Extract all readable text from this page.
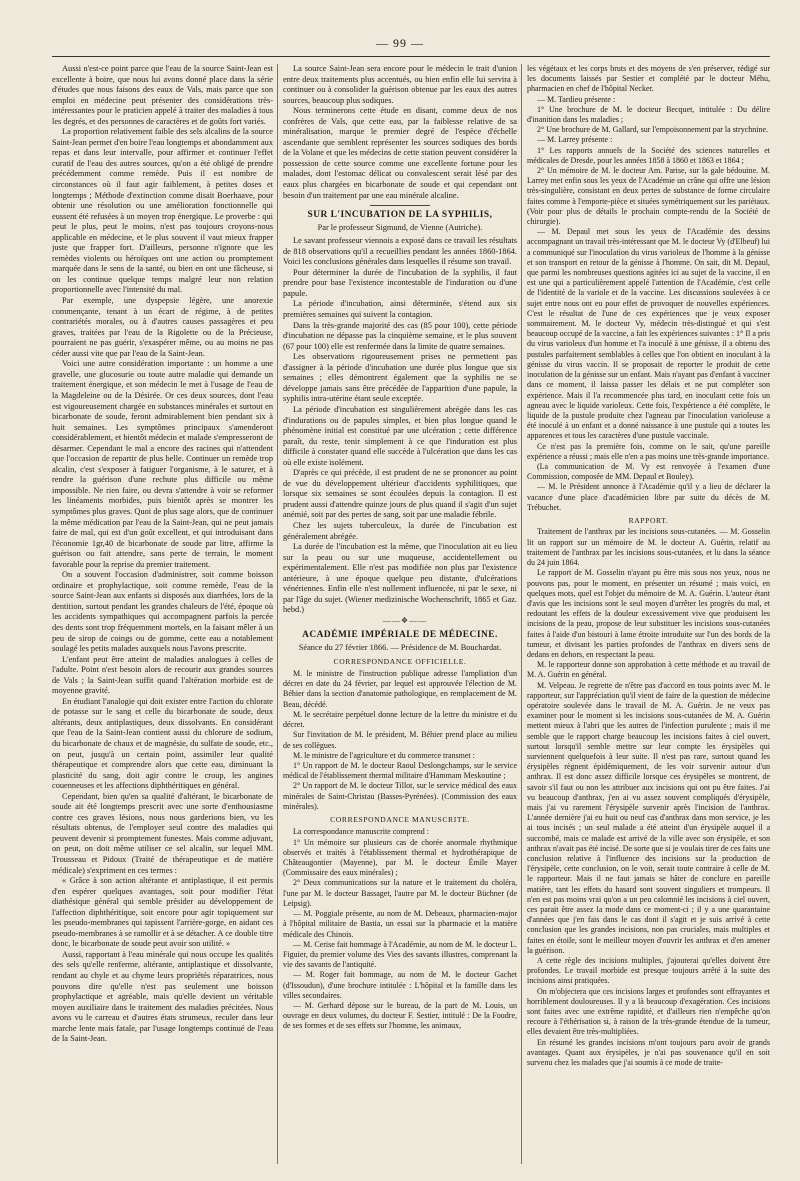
— 99 —

Aussi n'est-ce point parce que l'eau de la source Saint-Jean est excellente à boire, que nous lui avons donné place dans la série d'études que nous faisons des eaux de Vals, mais parce que son emploi en médecine peut présenter des considérations très-intéressantes pour le praticien appelé à traiter des maladies à tous les degrés, et des personnes de caractères et de goûts fort variés.

La proportion relativement faible des sels alcalins de la source Saint-Jean permet d'en boire l'eau longtemps et abondamment aux repas et dans leur intervalle, pour affirmer et continuer l'effet curatif de l'eau des autres sources, qu'on a été obligé de prendre précédemment comme remède. Puis il est nombre de circonstances où il faut agir faiblement, à petites doses et longtemps ; Méthode d'extinction comme disait Boerhaave, pour obtenir une résolution ou une amélioration fonctionnelle qui eussent été refusées à un moyen trop énergique. Le proverbe : qui peut le plus, peut le moins, n'est pas toujours croyons-nous applicable en médecine, et le plus souvent il vaut mieux frapper juste que frapper fort. D'ailleurs, personne n'ignore que les remèdes violents ou héroïques ont une action ou promptement marquée dans le sens de la santé, ou bien en ont une fâcheuse, si on les continue quelque temps malgré leur non relation proportionnelle avec l'intensité du mal.

Par exemple, une dyspepsie légère, une anorexie commençante, tenant à un écart de régime, à de petites contrariétés morales, ou à d'autres causes passagères et peu graves, traitées par l'eau de la Rigolette ou de la Précieuse, pourraient ne pas guérir, s'exaspérer même, ou au moins ne pas céder aussi vite que par l'eau de la Saint-Jean.

Voici une autre considération importante : un homme a une gravelle, une glucosurie ou toute autre maladie qui demande un traitement énergique, et son médecin le met à l'usage de l'eau de la Magdeleine ou de la Désirée. Or ces deux sources, dont l'eau est vigoureusement chargée en substances minérales et surtout en bicarbonate de soude, feront admirablement bien pendant six à huit semaines. Les symptômes principaux s'amenderont considérablement, et bientôt médecin et malade s'empresseront de désarmer. Cependant le mal a encore des racines qui n'attendent que l'occasion de repartir de plus belle. Continuer un remède trop alcalin, c'est s'exposer à fatiguer l'organisme, à le saturer, et à rendre la guérison d'une rechute plus difficile ou même impossible. Ne rien faire, ou devra s'attendre à voir se reformer les linéaments morbides, puis bientôt après se montrer les symptômes plus graves. Quoi de plus sage alors, que de continuer la même médication par l'eau de la Saint-Jean, qui ne peut jamais faire de mal, qui est d'un goût excellent, et qui introduisant dans l'économie 1gr,40 de bicarbonate de soude par litre, affirme la guérison ou fait attendre, sans perte de terrain, le moment favorable pour la reprise du premier traitement.

On a souvent l'occasion d'administrer, soit comme boisson ordinaire et prophylactique, soit comme remède, l'eau de la source Saint-Jean aux enfants si disposés aux diarrhées, lors de la dentition, surtout pendant les grandes chaleurs de l'été, époque où les accidents sympathiques qui accompagnent parfois la percée des dents sont trop fréquemment mortels, en la faisant mêler à un peu de sirop de coings ou de gomme, cette eau a notablement soulagé les petits malades auxquels nous l'avons prescrite.

L'enfant peut être atteint de maladies analogues à celles de l'adulte. Point n'est besoin alors de recourir aux grandes sources de Vals ; la Saint-Jean suffit quand l'altération morbide est de moyenne gravité.

En étudiant l'analogie qui doit exister entre l'action du chlorate de potasse sur le sang et celle du bicarbonate de soude, deux altérants, deux antiplastiques, deux dissolvants. En considérant que l'eau de la Saint-Jean contient aussi du chlorure de sodium, du bicarbonate de chaux et de magnésie, du sulfate de soude, etc., on peut, jusqu'à un certain point, assimiler leur qualité thérapeutique et comprendre alors que cette eau, diminuant la plasticité du sang, doit agir contre le croup, les angines couenneuses et les affections diphthéritiques en général.

Cependant, bien qu'en sa qualité d'altérant, le bicarbonate de soude ait été longtemps prescrit avec une sorte d'enthousiasme contre ces graves lésions, nous nous garderions bien, vu les résultats obtenus, de l'employer seul contre des maladies qui peuvent devenir si promptement funestes. Mais comme adjuvant, on peut, on doit même utiliser ce sel alcalin, sur lequel MM. Trousseau et Pidoux (Traité de thérapeutique et de matière médicale) s'expriment en ces termes :

« Grâce à son action altérante et antiplastique, il est permis d'en espérer quelques avantages, soit pour modifier l'état diathésique général qui semble présider au développement de l'affection diphthéritique, soit encore pour agir topiquement sur les pseudo-membranes qui tapissent l'arrière-gorge, en aidant ces pseudo-membranes à se ramollir et à se détacher. A ce double titre donc, le bicarbonate de soude peut avoir son utilité. »

Aussi, rapportant à l'eau minérale qui nous occupe les qualités des sels qu'elle renferme, altérante, antiplastique et dissolvante, rendant au chyle et au chyme leurs propriétés réparatrices, nous pouvons dire qu'elle n'est pas seulement une boisson prophylactique et agréable, mais qu'elle devient un véritable moyen auxiliaire dans le traitement des maladies précitées. Nous avons vu le carreau et d'autres états strumeux, reculer dans leur marche lente mais fatale, par l'usage longtemps continué de l'eau de la Saint-Jean.

La source Saint-Jean sera encore pour le médecin le trait d'union entre deux traitements plus accentués, ou bien enfin elle lui servira à continuer ou à consolider la guérison obtenue par les eaux des autres sources, beaucoup plus sodiques.

Nous terminerons cette étude en disant, comme deux de nos confrères de Vals, que cette eau, par la faiblesse relative de sa minéralisation, marque le premier degré de l'espèce d'échelle ascendante que semblent représenter les sources sodiques des bords de la Volane et que les médecins de cette station peuvent considérer la possession de cette source comme une excellente fortune pour les malades, dont l'estomac délicat ou convalescent serait lésé par des eaux plus chargées en bicarbonate de soude et qui cependant ont besoin d'un traitement par une eau minérale alcaline.

SUR L'INCUBATION DE LA SYPHILIS,

Par le professeur Sigmund, de Vienne (Autriche).

Le savant professeur viennois a exposé dans ce travail les résultats de 818 observations qu'il a recueillies pendant les années 1860-1864. Voici les conclusions générales dans lesquelles il résume son travail.

Pour déterminer la durée de l'incubation de la syphilis, il faut prendre pour base l'existence incontestable de l'induration ou d'une papule.

La période d'incubation, ainsi déterminée, s'étend aux six premières semaines qui suivent la contagion.

Dans la très-grande majorité des cas (85 pour 100), cette période d'incubation ne dépasse pas la cinquième semaine, et le plus souvent (67 pour 100) elle est renfermée dans la limite de quatre semaines.

Les observations rigoureusement prises ne permettent pas d'assigner à la période d'incubation une durée plus longue que six semaines ; elles démontrent également que la syphilis ne se développe jamais sans être précédée de l'apparition d'une papule, la syphilis intra-utérine étant seule exceptée.

La période d'incubation est singulièrement abrégée dans les cas d'indurations ou de papules simples, et bien plus longue quand le phénomène initial est constitué par une ulcération ; cette différence paraît, du reste, tenir simplement à ce que l'induration est plus difficile à constater quand elle succède à l'ulcération que dans les cas où elle existe isolément.

D'après ce qui précède, il est prudent de ne se prononcer au point de vue du développement ultérieur d'accidents syphilitiques, que lorsque six semaines se sont écoulées depuis la contagion. Il est prudent aussi d'attendre quinze jours de plus quand il s'agit d'un sujet anémié, soit par des pertes de sang, soit par une maladie fébrile.

Chez les sujets tuberculeux, la durée de l'incubation est généralement abrégée.

La durée de l'incubation est la même, que l'inoculation ait eu lieu sur la peau ou sur une muqueuse, accidentellement ou expérimentalement. Elle n'est pas modifiée non plus par l'existence antérieure, à une époque quelque peu distante, d'ulcérations vénériennes. Enfin elle n'est nullement influencée, ni par le sexe, ni par l'âge du sujet. (Wiener medizinische Wochenschrift, 1865 et Gaz. hebd.)

——❖——

ACADÉMIE IMPÉRIALE DE MÉDECINE.

Séance du 27 février 1866. — Présidence de M. Bouchardat.

CORRESPONDANCE OFFICIELLE.

M. le ministre de l'instruction publique adresse l'ampliation d'un décret en date du 24 février, par lequel est approuvée l'élection de M. Béhier dans la section d'anatomie pathologique, en remplacement de M. Beau, décédé.

M. le secrétaire perpétuel donne lecture de la lettre du ministre et du décret.

Sur l'invitation de M. le président, M. Béhier prend place au milieu de ses collègues.

M. le ministre de l'agriculture et du commerce transmet :

1° Un rapport de M. le docteur Raoul Deslongchamps, sur le service médical de l'établissement thermal militaire d'Hammam Meskoutine ;

2° Un rapport de M. le docteur Tillot, sur le service médical des eaux minérales de Saint-Christau (Basses-Pyrénées). (Commission des eaux minérales).

CORRESPONDANCE MANUSCRITE.

La correspondance manuscrite comprend :

1° Un mémoire sur plusieurs cas de chorée anormale rhythmique observés et traités à l'établissement thermal et hydrothérapique de Châteaugontier (Mayenne), par M. le docteur Émile Mayer (Commissaire des eaux minérales) ;

2° Deux communications sur la nature et le traitement du choléra, l'une par M. le docteur Bassaget, l'autre par M. le docteur Büchner (de Leipsig).

— M. Poggiale présente, au nom de M. Debeaux, pharmacien-major à l'hôpital militaire de Bastia, un essai sur la pharmacie et la matière médicale des Chinois.

— M. Cerise fait hommage à l'Académie, au nom de M. le docteur L. Figuier, du premier volume des Vies des savants illustres, comprenant la vie des savants de l'antiquité.

— M. Roger fait hommage, au nom de M. le docteur Gachet (d'Issoudun), d'une brochure intitulée : L'hôpital et la famille dans les villes secondaires.

— M. Gerhard dépose sur le bureau, de la part de M. Louis, un ouvrage en deux volumes, du docteur F. Sestier, intitulé : De la Foudre, de ses formes et de ses effets sur l'homme, les animaux,

les végétaux et les corps bruts et des moyens de s'en préserver, rédigé sur les documents laissés par Sestier et complété par le docteur Méhu, pharmacien en chef de l'hôpital Necker.

— M. Tardieu présente :

1° Une brochure de M. le docteur Becquet, intitulée : Du délire d'inanition dans les maladies ;

2° Une brochure de M. Gallard, sur l'empoisonnement par la strychnine.

— M. Larrey présente :

1° Les rapports annuels de la Société des sciences naturelles et médicales de Dresde, pour les années 1858 à 1860 et 1863 et 1864 ;

2° Un mémoire de M. le docteur Am. Parise, sur la gale bédouine. M. Larrey met enfin sous les yeux de l'Académie un crâne qui offre une lésion très-singulière, consistant en deux pertes de substance de forme circulaire faites comme à l'emporte-pièce et situées symétriquement sur les pariétaux. (Voir pour plus de détails le prochain compte-rendu de la Société de chirurgie).

— M. Depaul met sous les yeux de l'Académie des dessins accompagnant un travail très-intéressant que M. le docteur Vy (d'Elbeuf) lui a communiqué sur l'inoculation du virus varioleux de l'homme à la génisse et son transport en retour de la génisse à l'homme. On sait, dit M. Depaul, que parmi les nombreuses questions agitées ici au sujet de la vaccine, il en est une qui a particulièrement appelé l'attention de l'Académie, c'est celle de l'identité de la variole et de la vaccine. Les discussions soulevées à ce sujet entre nous ont eu pour effet de provoquer de nouvelles expériences. C'est le résultat de l'une de ces expériences que je veux exposer sommairement. M. le docteur Vy, médecin très-distingué et qui s'est beaucoup occupé de la vaccine, a fait les expériences suivantes : 1° Il a pris du virus varioleux d'un homme et l'a inoculé à une génisse, il a obtenu des pustules parfaitement semblables à celles que l'on obtient en inoculant à la génisse du virus vaccin. Il se proposait de reporter le produit de cette inoculation de la génisse sur un enfant. Mais n'ayant pas d'enfant à vacciner dans ce moment, il laissa passer les délais et ne put compléter son expérience. Mais il l'a recommencée plus tard, en inoculant cette fois un agneau avec le liquide varioleux. Cette fois, l'expérience a été complète, le liquide de la pustule produite chez l'agneau par l'inoculation varioleuse a été inoculé à un enfant et a donné naissance à une pustule qui a toutes les apparences et tous les caractères d'une pustule vaccinale.

Ce n'est pas la première fois, comme on le sait, qu'une pareille expérience a réussi ; mais elle n'en a pas moins une très-grande importance.

(La communication de M. Vy est renvoyée à l'examen d'une Commission, composée de MM. Depaul et Bouley).

— M. le Président annonce à l'Académie qu'il y a lieu de déclarer la vacance d'une place d'académicien libre par suite du décès de M. Trébuchet.

RAPPORT.

Traitement de l'anthrax par les incisions sous-cutanées. — M. Gosselin lit un rapport sur un mémoire de M. le docteur A. Guérin, relatif au traitement de l'anthrax par les incisions sous-cutanées, et lu dans la séance du 24 juin 1864.

Le rapport de M. Gosselin n'ayant pu être mis sous nos yeux, nous ne pouvons pas, pour le moment, en présenter un résumé ; mais voici, en quelques mots, quel est l'objet du mémoire de M. A. Guérin. L'auteur étant d'avis que les incisions sont le seul moyen d'arrêter les progrès du mal, et redoutant les effets de la douleur excessivement vive que produisent les incisions de la peau, propose de leur substituer les incisions sous-cutanées faites à l'aide d'un bistouri à lame étroite introduite sur l'un des bords de la tumeur, et divisant les parties profondes de l'anthrax en divers sens de dedans en dehors, en respectant la peau.

M. le rapporteur donne son approbation à cette méthode et au travail de M. A. Guérin en général.

M. Velpeau. Je regrette de n'être pas d'accord en tous points avec M. le rapporteur, sur l'appréciation qu'il vient de faire de la question de médecine opératoire soulevée dans le travail de M. A. Guérin. Je ne veux pas examiner pour le moment si les incisions sous-cutanées de M. A. Guérin mettent mieux à l'abri que les autres de l'infection purulente ; mais il me semble que le rapport charge beaucoup les incisions faites à ciel ouvert, surtout lorsqu'il semble mettre sur leur compte les érysipèles qui surviennent quelquefois à leur suite. Il n'est pas rare, surtout quand les érysipèles règnent épidémiquement, de les voir survenir autour d'un anthrax. Il est donc assez difficile lorsque ces érysipèles se montrent, de savoir s'il faut ou non les attribuer aux incisions qui ont pu être faites. J'ai vu beaucoup d'anthrax, j'en ai vu assez souvent compliqués d'érysipèle, mais j'ai vu rarement l'érysipèle survenir après l'incision de l'anthrax. L'année dernière j'ai eu huit ou neuf cas d'anthrax dans mon service, je les ai tous incisés ; un seul malade a été atteint d'un érysipèle auquel il a succombé, mais ce malade est arrivé de la ville avec son érysipèle, et son anthrax n'avait pas été incisé. De sorte que si je voulais tirer de ces faits une conclusion relative à l'influence des incisions sur la production de l'érysipèle, cette conclusion, on le voit, serait toute contraire à celle de M. le rapporteur. Mais il ne faut jamais se hâter de conclure en pareille matière, tant les effets du hasard sont souvent singuliers et trompeurs. Il n'en est pas moins vrai qu'on a un peu calomnié les incisions à ciel ouvert, ces parait être assez la mode dans ce moment-ci ; il y a une quarantaine d'années que j'en fais dans le cas dont il s'agit et je suis arrivé à cette conclusion que les grandes incisions, non pas cruciales, mais multiples et faites en étoile, sont le meilleur moyen d'ouvrir les anthrax et d'en amener la guérison.

A cette règle des incisions multiples, j'ajouterai qu'elles doivent être profondes. Le travail morbide est presque toujours arrêté à la suite des incisions ainsi pratiquées.

On m'objectera que ces incisions larges et profondes sont effrayantes et horriblement douloureuses. Il y a là beaucoup d'exagération. Ces incisions sont faites avec une extrême rapidité, et d'ailleurs rien n'empêche qu'on recoure à l'éthérisation si, à raison de la très-grande étendue de la tumeur, elles devaient être très-multipliées.

En résumé les grandes incisions m'ont toujours paru avoir de grands avantages. Quant aux érysipèles, je n'ai pas souvenance qu'il en soit survenu chez les malades que j'ai soumis à ce mode de traite-
